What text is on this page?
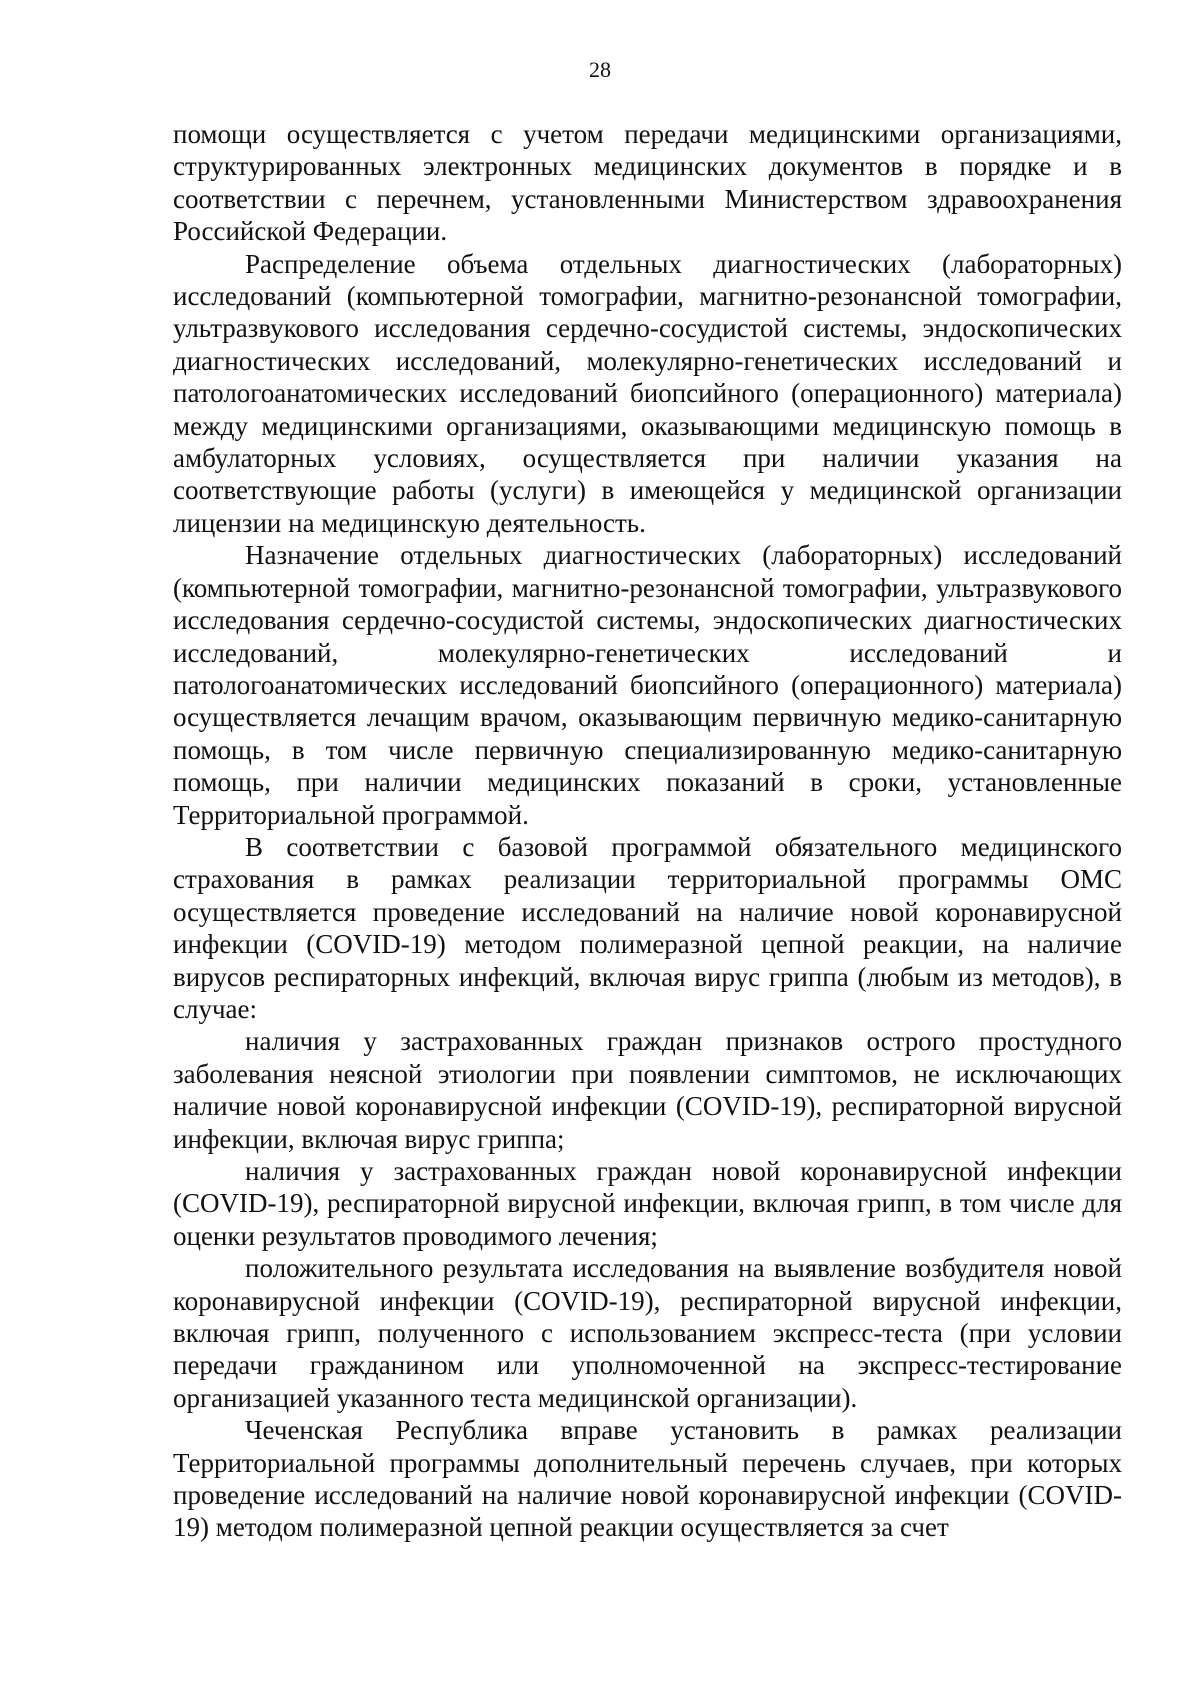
28

помощи осуществляется с учетом передачи медицинскими организациями, структурированных электронных медицинских документов в порядке и в соответствии с перечнем, установленными Министерством здравоохранения Российской Федерации.

Распределение объема отдельных диагностических (лабораторных) исследований (компьютерной томографии, магнитно-резонансной томографии, ультразвукового исследования сердечно-сосудистой системы, эндоскопических диагностических исследований, молекулярно-генетических исследований и патологоанатомических исследований биопсийного (операционного) материала) между медицинскими организациями, оказывающими медицинскую помощь в амбулаторных условиях, осуществляется при наличии указания на соответствующие работы (услуги) в имеющейся у медицинской организации лицензии на медицинскую деятельность.

Назначение отдельных диагностических (лабораторных) исследований (компьютерной томографии, магнитно-резонансной томографии, ультразвукового исследования сердечно-сосудистой системы, эндоскопических диагностических исследований, молекулярно-генетических исследований и патологоанатомических исследований биопсийного (операционного) материала) осуществляется лечащим врачом, оказывающим первичную медико-санитарную помощь, в том числе первичную специализированную медико-санитарную помощь, при наличии медицинских показаний в сроки, установленные Территориальной программой.

В соответствии с базовой программой обязательного медицинского страхования в рамках реализации территориальной программы ОМС осуществляется проведение исследований на наличие новой коронавирусной инфекции (COVID-19) методом полимеразной цепной реакции, на наличие вирусов респираторных инфекций, включая вирус гриппа (любым из методов), в случае:

наличия у застрахованных граждан признаков острого простудного заболевания неясной этиологии при появлении симптомов, не исключающих наличие новой коронавирусной инфекции (COVID-19), респираторной вирусной инфекции, включая вирус гриппа;

наличия у застрахованных граждан новой коронавирусной инфекции (COVID-19), респираторной вирусной инфекции, включая грипп, в том числе для оценки результатов проводимого лечения;

положительного результата исследования на выявление возбудителя новой коронавирусной инфекции (COVID-19), респираторной вирусной инфекции, включая грипп, полученного с использованием экспресс-теста (при условии передачи гражданином или уполномоченной на экспресс-тестирование организацией указанного теста медицинской организации).

Чеченская Республика вправе установить в рамках реализации Территориальной программы дополнительный перечень случаев, при которых проведение исследований на наличие новой коронавирусной инфекции (COVID-19) методом полимеразной цепной реакции осуществляется за счет
